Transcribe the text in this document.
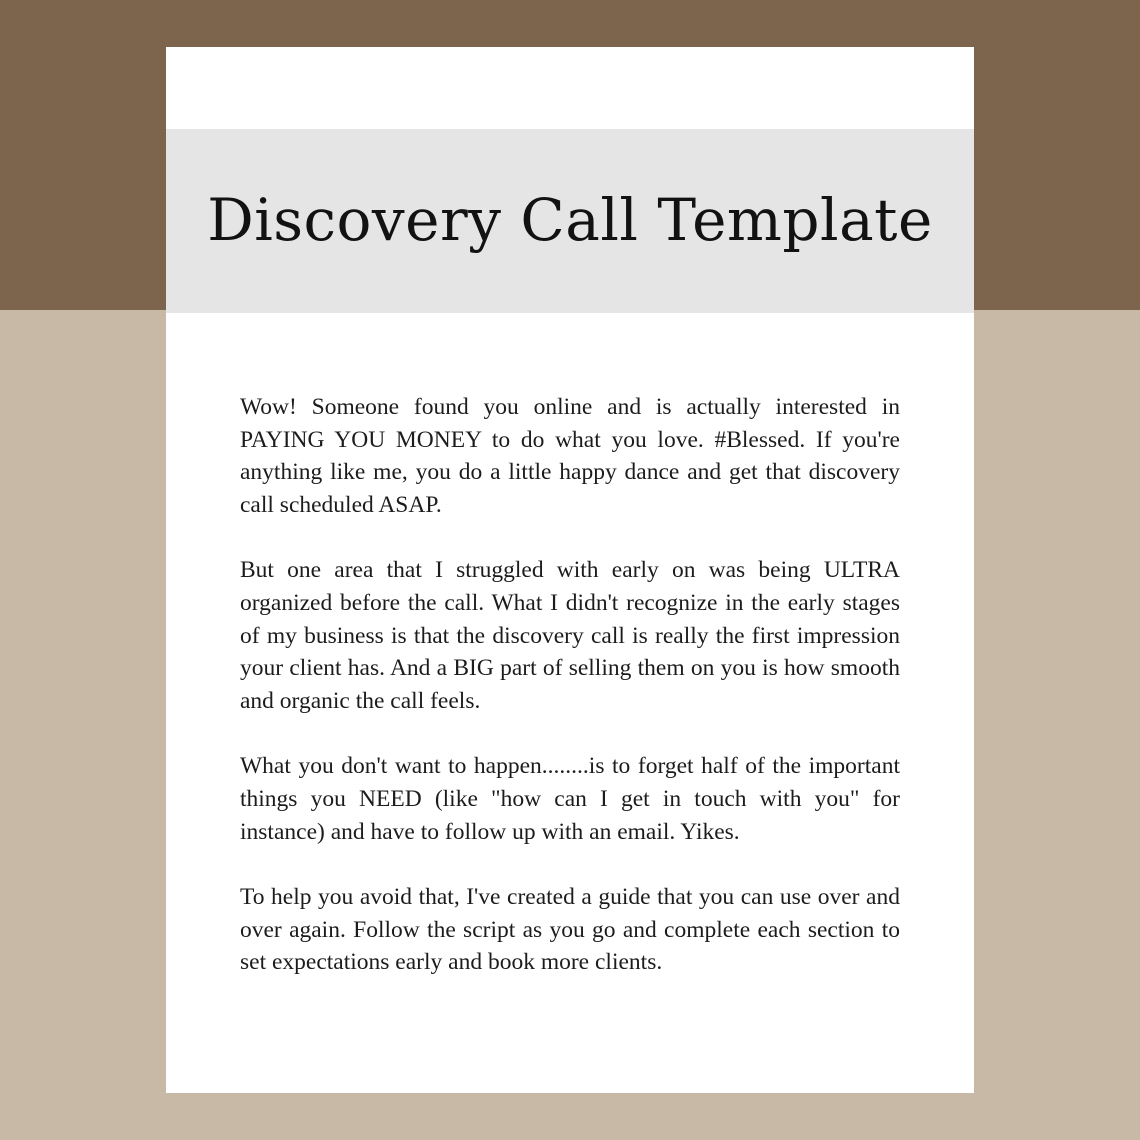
Discovery Call Template

Wow! Someone found you online and is actually interested in PAYING YOU MONEY to do what you love. #Blessed. If you're anything like me, you do a little happy dance and get that discovery call scheduled ASAP.

But one area that I struggled with early on was being ULTRA organized before the call. What I didn't recognize in the early stages of my business is that the discovery call is really the first impression your client has. And a BIG part of selling them on you is how smooth and organic the call feels.

What you don't want to happen........is to forget half of the important things you NEED (like "how can I get in touch with you" for instance) and have to follow up with an email. Yikes.

To help you avoid that, I've created a guide that you can use over and over again. Follow the script as you go and complete each section to set expectations early and book more clients.
